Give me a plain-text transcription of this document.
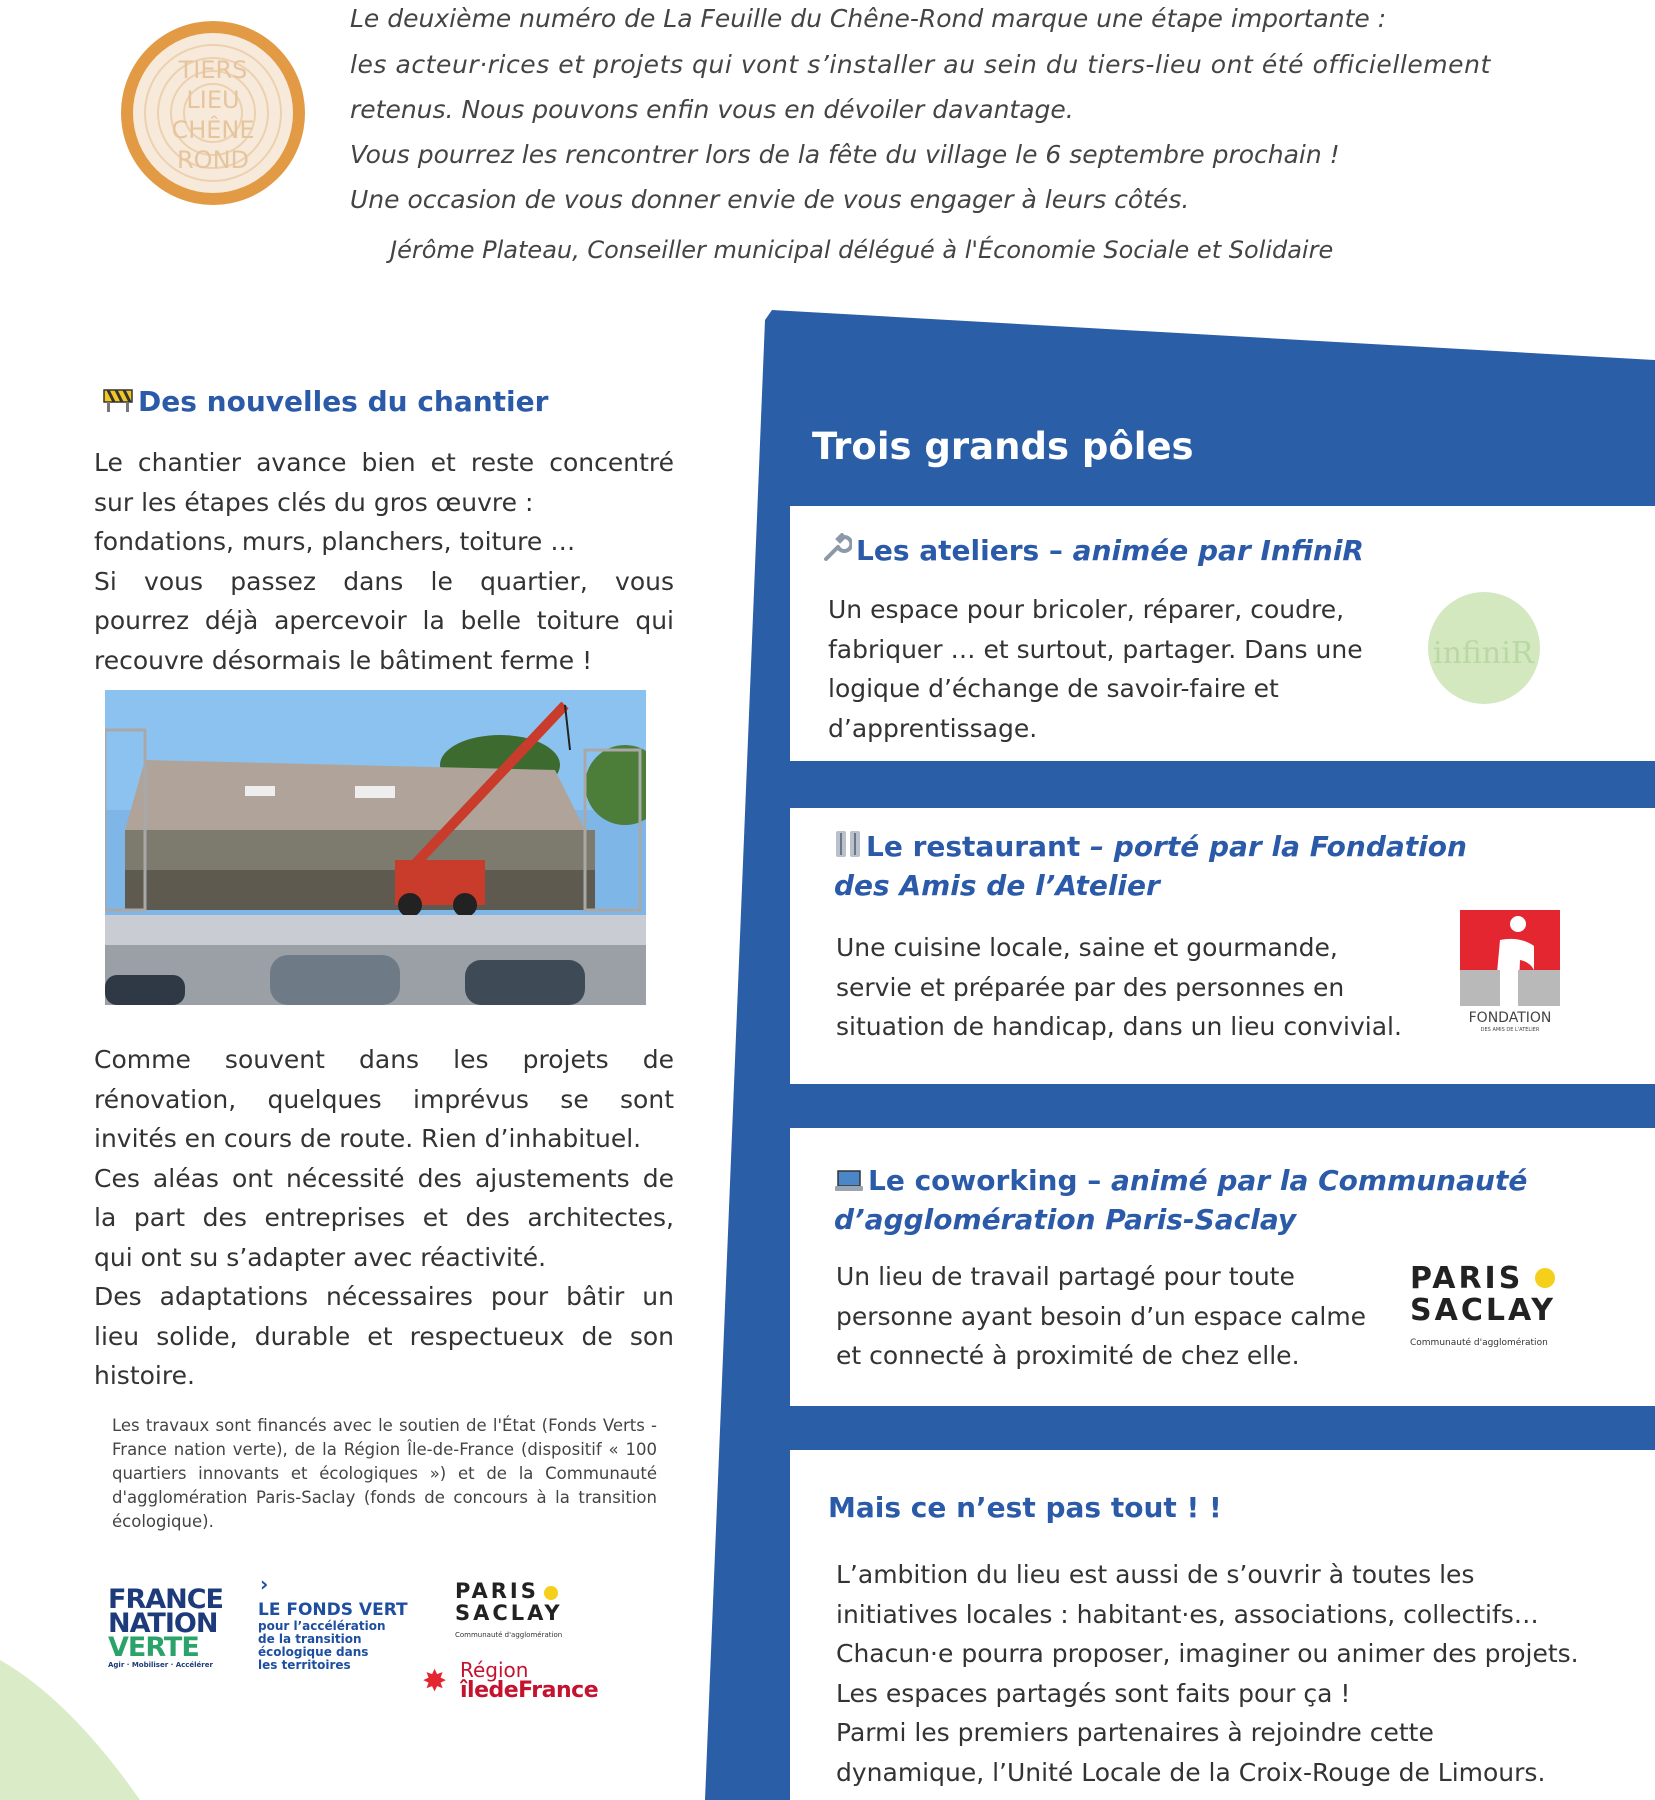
TIERS
LIEU
CHÊNE
ROND
Le deuxième numéro de La Feuille du Chêne-Rond marque une étape importante :
les acteur·rices et projets qui vont s’installer au sein du tiers-lieu ont été officiellement
retenus. Nous pouvons enfin vous en dévoiler davantage.
Vous pourrez les rencontrer lors de la fête du village le 6 septembre prochain !
Une occasion de vous donner envie de vous engager à leurs côtés.
Jérôme Plateau, Conseiller municipal délégué à l'Économie Sociale et Solidaire
Des nouvelles du chantier

Le chantier avance bien et reste concentré

sur les étapes clés du gros œuvre :

fondations, murs, planchers, toiture …

Si vous passez dans le quartier, vous

pourrez déjà apercevoir la belle toiture qui

recouvre désormais le bâtiment ferme !

Comme souvent dans les projets de

rénovation, quelques imprévus se sont

invités en cours de route. Rien d’inhabituel.

Ces aléas ont nécessité des ajustements de

la part des entreprises et des architectes,

qui ont su s’adapter avec réactivité.

Des adaptations nécessaires pour bâtir un

lieu solide, durable et respectueux de son

histoire.

Les travaux sont financés avec le soutien de l'État (Fonds Verts - France nation verte), de la Région Île-de-France (dispositif « 100 quartiers innovants et écologiques ») et de la Communauté d'agglomération Paris-Saclay (fonds de concours à la transition écologique).
FRANCE
NATION
VERTE
Agir · Mobiliser · Accélérer
›
LE FONDS VERT
pour l’accélération
de la transition
écologique dans
les territoires
PARIS
SACLAY
Communauté d'agglomération
✸ Région
îledeFrance
Trois grands pôles
Les ateliers – animée par InfiniR

Un espace pour bricoler, réparer, coudre,

fabriquer … et surtout, partager. Dans une

logique d’échange de savoir-faire et

d’apprentissage.

infiniR
Le restaurant – porté par la Fondation
des Amis de l’Atelier

Une cuisine locale, saine et gourmande,

servie et préparée par des personnes en

situation de handicap, dans un lieu convivial.	FONDATION
DES AMIS DE L'ATELIER
Le coworking – animé par la Communauté
d’agglomération Paris-Saclay

Un lieu de travail partagé pour toute

personne ayant besoin d’un espace calme

et connecté à proximité de chez elle.

PARIS
SACLAY
Communauté d'agglomération
Mais ce n’est pas tout ! !

L’ambition du lieu est aussi de s’ouvrir à toutes les

initiatives locales : habitant·es, associations, collectifs…

Chacun·e pourra proposer, imaginer ou animer des projets.

Les espaces partagés sont faits pour ça !

Parmi les premiers partenaires à rejoindre cette

dynamique, l’Unité Locale de la Croix-Rouge de Limours.
